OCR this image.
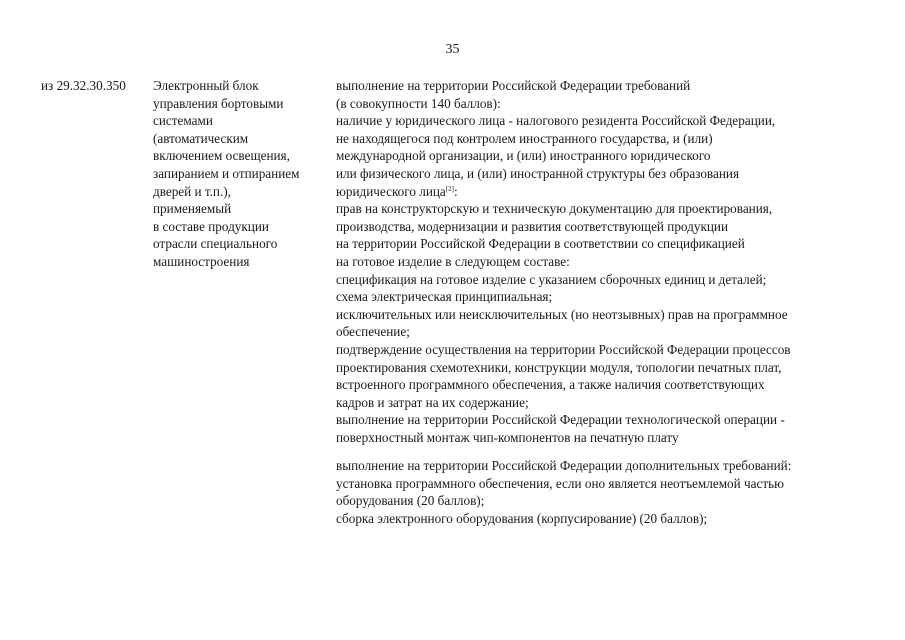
35
из 29.32.30.350	Электронный блок
управления бортовыми
системами
(автоматическим
включением освещения,
запиранием и отпиранием
дверей и т.п.),
применяемый
в составе продукции
отрасли специального
машиностроения
выполнение на территории Российской Федерации требований
(в совокупности 140 баллов):
наличие у юридического лица - налогового резидента Российской Федерации,
не находящегося под контролем иностранного государства, и (или)
международной организации, и (или) иностранного юридического
или физического лица, и (или) иностранной структуры без образования
юридического лица[2]:
прав на конструкторскую и техническую документацию для проектирования,
производства, модернизации и развития соответствующей продукции
на территории Российской Федерации в соответствии со спецификацией
на готовое изделие в следующем составе:
спецификация на готовое изделие с указанием сборочных единиц и деталей;
схема электрическая принципиальная;
исключительных или неисключительных (но неотзывных) прав на программное
обеспечение;
подтверждение осуществления на территории Российской Федерации процессов
проектирования схемотехники, конструкции модуля, топологии печатных плат,
встроенного программного обеспечения, а также наличия соответствующих
кадров и затрат на их содержание;
выполнение на территории Российской Федерации технологической операции -
поверхностный монтаж чип-компонентов на печатную плату
выполнение на территории Российской Федерации дополнительных требований:
установка программного обеспечения, если оно является неотъемлемой частью
оборудования (20 баллов);
сборка электронного оборудования (корпусирование) (20 баллов);
